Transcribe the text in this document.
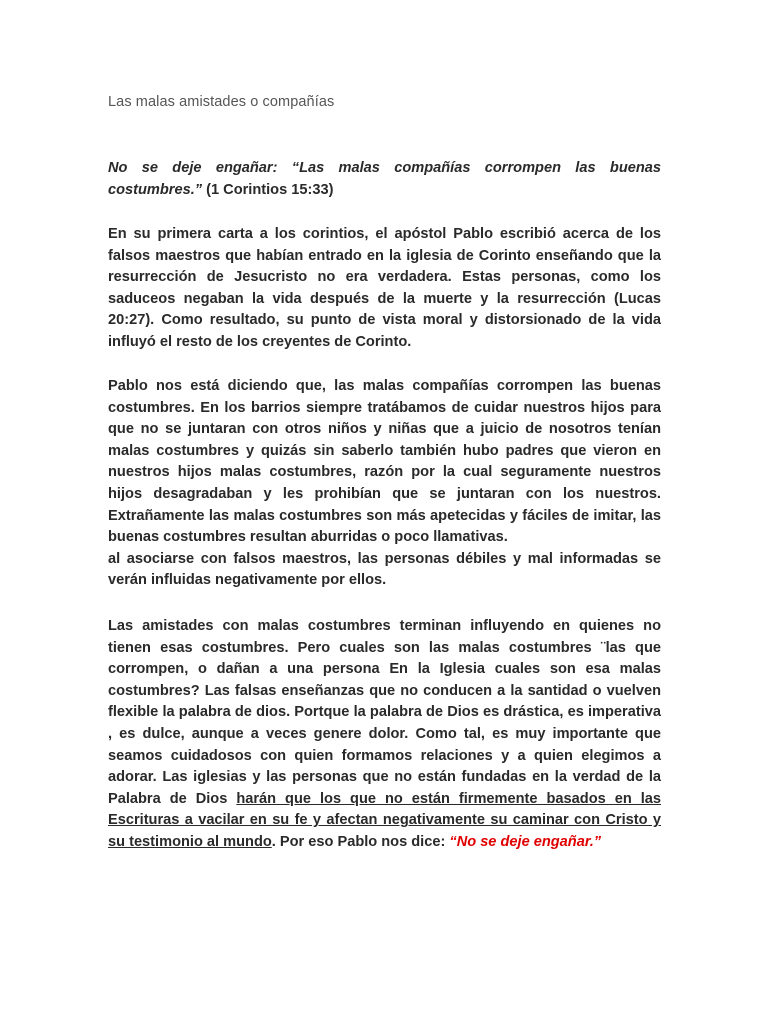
Las malas amistades o compañías

No se deje engañar: “Las malas compañías corrompen las buenas costumbres.” (1 Corintios 15:33)

En su primera carta a los corintios, el apóstol Pablo escribió acerca de los falsos maestros que habían entrado en la iglesia de Corinto enseñando que la resurrección de Jesucristo no era verdadera. Estas personas, como los saduceos negaban la vida después de la muerte y la resurrección (Lucas 20:27). Como resultado, su punto de vista moral y distorsionado de la vida influyó el resto de los creyentes de Corinto.

Pablo nos está diciendo que, las malas compañías corrompen las buenas costumbres. En los barrios siempre tratábamos de cuidar nuestros hijos para que no se juntaran con otros niños y niñas que a juicio de nosotros tenían malas costumbres y quizás sin saberlo también hubo padres que vieron en nuestros hijos malas costumbres, razón por la cual seguramente nuestros hijos desagradaban y les prohibían que se juntaran con los nuestros. Extrañamente las malas costumbres son más apetecidas y fáciles de imitar, las buenas costumbres resultan aburridas o poco llamativas.

al asociarse con falsos maestros, las personas débiles y mal informadas se verán influidas negativamente por ellos.

Las amistades con malas costumbres terminan influyendo en quienes no tienen esas costumbres. Pero cuales son las malas costumbres ¨las que corrompen, o dañan a una persona En la Iglesia cuales son esa malas costumbres? Las falsas enseñanzas que no conducen a la santidad o vuelven flexible la palabra de dios. Portque la palabra de Dios es drástica, es imperativa , es dulce, aunque a veces genere dolor. Como tal, es muy importante que seamos cuidadosos con quien formamos relaciones y a quien elegimos a adorar. Las iglesias y las personas que no están fundadas en la verdad de la Palabra de Dios harán que los que no están firmemente basados en las Escrituras a vacilar en su fe y afectan negativamente su caminar con Cristo y su testimonio al mundo. Por eso Pablo nos dice: “No se deje engañar.”
